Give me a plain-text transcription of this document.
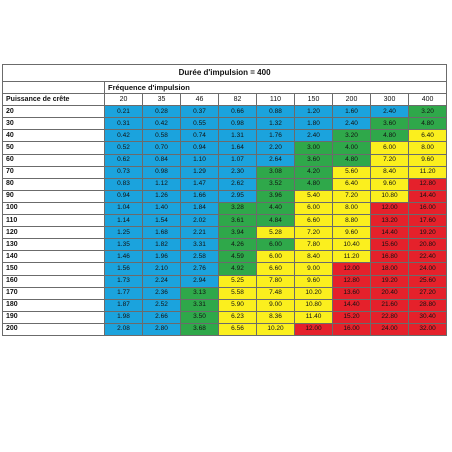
Durée d'impulsion = 400									
	Fréquence d'impulsion								
Puissance de crête	20	35	46	82	110	150	200	300	400
20	0.21	0.28	0.37	0.66	0.88	1.20	1.60	2.40	3.20
30	0.31	0.42	0.55	0.98	1.32	1.80	2.40	3.60	4.80
40	0.42	0.58	0.74	1.31	1.76	2.40	3.20	4.80	6.40
50	0.52	0.70	0.94	1.64	2.20	3.00	4.00	6.00	8.00
60	0.62	0.84	1.10	1.07	2.64	3.60	4.80	7.20	9.60
70	0.73	0.98	1.29	2.30	3.08	4.20	5.60	8.40	11.20
80	0.83	1.12	1.47	2.62	3.52	4.80	6.40	9.60	12.80
90	0.94	1.26	1.66	2.95	3.96	5.40	7.20	10.80	14.40
100	1.04	1.40	1.84	3.28	4.40	6.00	8.00	12.00	16.00
110	1.14	1.54	2.02	3.61	4.84	6.60	8.80	13.20	17.60
120	1.25	1.68	2.21	3.94	5.28	7.20	9.60	14.40	19.20
130	1.35	1.82	3.31	4.26	6.00	7.80	10.40	15.60	20.80
140	1.46	1.96	2.58	4.59	6.00	8.40	11.20	16.80	22.40
150	1.56	2.10	2.76	4.92	6.60	9.00	12.00	18.00	24.00
160	1.73	2.24	2.94	5.25	7.80	9.60	12.80	19.20	25.60
170	1.77	2.36	3.13	5.58	7.48	10.20	13.60	20.40	27.20
180	1.87	2.52	3.31	5.90	9.00	10.80	14.40	21.60	28.80
190	1.98	2.66	3.50	6.23	8.36	11.40	15.20	22.80	30.40
200	2.08	2.80	3.68	6.56	10.20	12.00	16.00	24.00	32.00
